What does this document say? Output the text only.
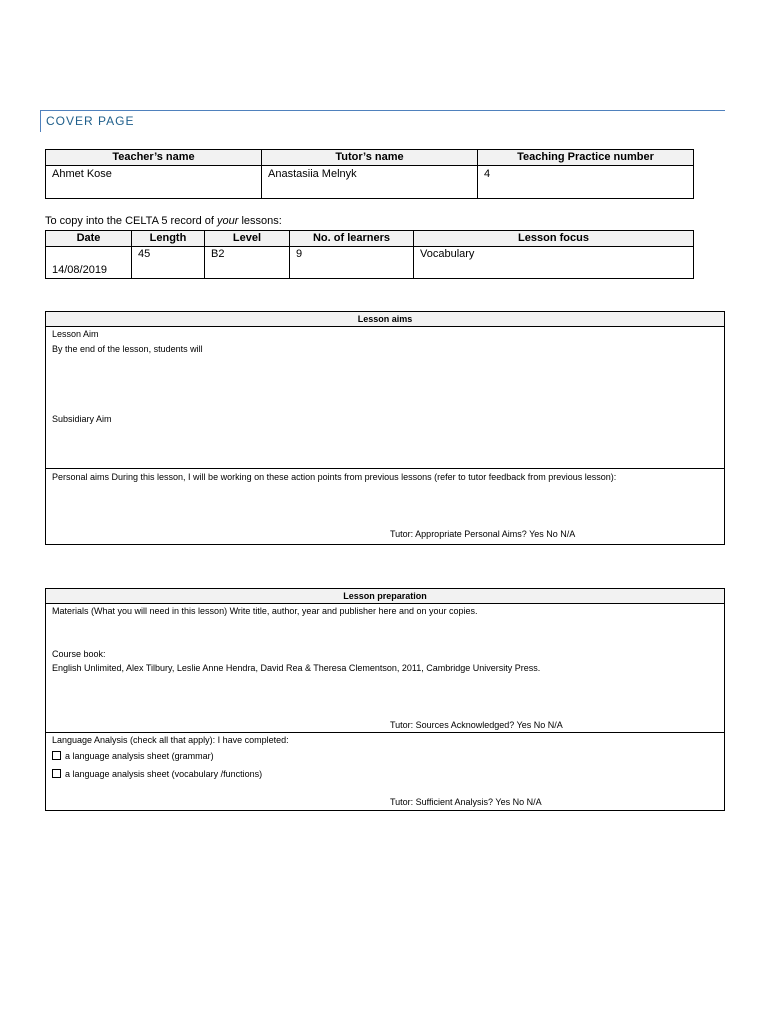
COVER PAGE
Teacher’s name	Tutor’s name	Teaching Practice number
Ahmet Kose	Anastasiia Melnyk	4
To copy into the CELTA 5 record of your lessons:
Date	Length	Level	No. of learners	Lesson focus
14/08/2019	45	B2	9	Vocabulary
Lesson aims
Lesson Aim
By the end of the lesson, students will
Subsidiary Aim
Personal aims During this lesson, I will be working on these action points from previous lessons (refer to tutor feedback from previous lesson):
Tutor: Appropriate Personal Aims? Yes No N/A
Lesson preparation
Materials (What you will need in this lesson) Write title, author, year and publisher here and on your copies.
Course book:
English Unlimited, Alex Tilbury, Leslie Anne Hendra, David Rea & Theresa Clementson, 2011, Cambridge University Press.
Tutor: Sources Acknowledged? Yes No N/A
Language Analysis (check all that apply): I have completed:
a language analysis sheet (grammar)
a language analysis sheet (vocabulary /functions)
Tutor: Sufficient Analysis? Yes No N/A
